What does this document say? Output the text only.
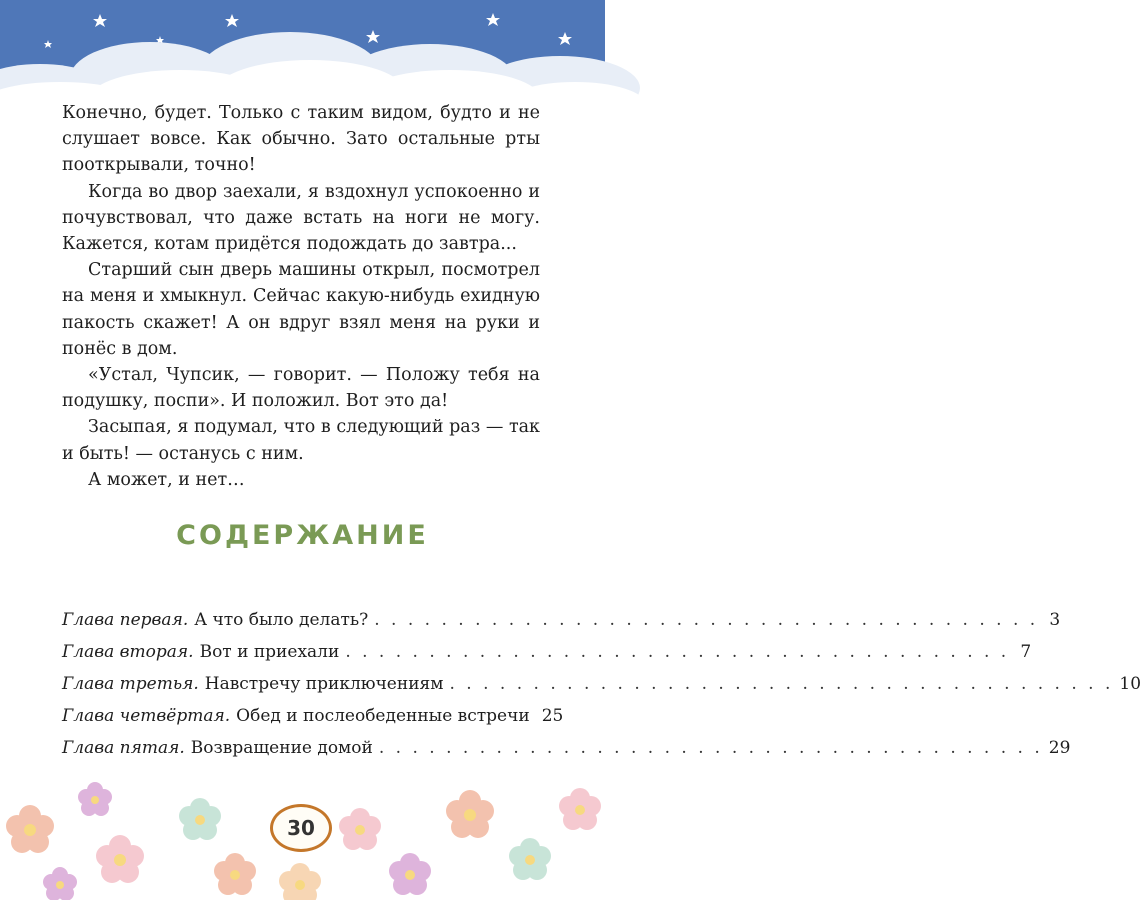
Конечно, будет. Только с таким видом, будто и не слушает вовсе. Как обычно. Зато остальные рты пооткрывали, точно!

Когда во двор заехали, я вздохнул успокоенно и почувствовал, что даже встать на ноги не могу. Кажется, котам придётся подождать до завтра...

Старший сын дверь машины открыл, посмотрел на меня и хмыкнул. Сейчас какую-нибудь ехидную пакость скажет! А он вдруг взял меня на руки и понёс в дом.

«Устал, Чупсик, — говорит. — Положу тебя на подушку, поспи». И положил. Вот это да!

Засыпая, я подумал, что в следующий раз — так и быть! — останусь с ним.

А может, и нет…

СОДЕРЖАНИЕ
Глава первая. А что было делать? . . . . . . . . . . . . . . . . . . . . . . . . . . . . . . . . . . . . . . . . 3
Глава вторая. Вот и приехали . . . . . . . . . . . . . . . . . . . . . . . . . . . . . . . . . . . . . . . . 7
Глава третья. Навстречу приключениям . . . . . . . . . . . . . . . . . . . . . . . . . . . . . . . . . . . . . . . . 10
Глава четвёртая. Обед и послеобеденные встречи 25
Глава пятая. Возвращение домой . . . . . . . . . . . . . . . . . . . . . . . . . . . . . . . . . . . . . . . . 29
30
